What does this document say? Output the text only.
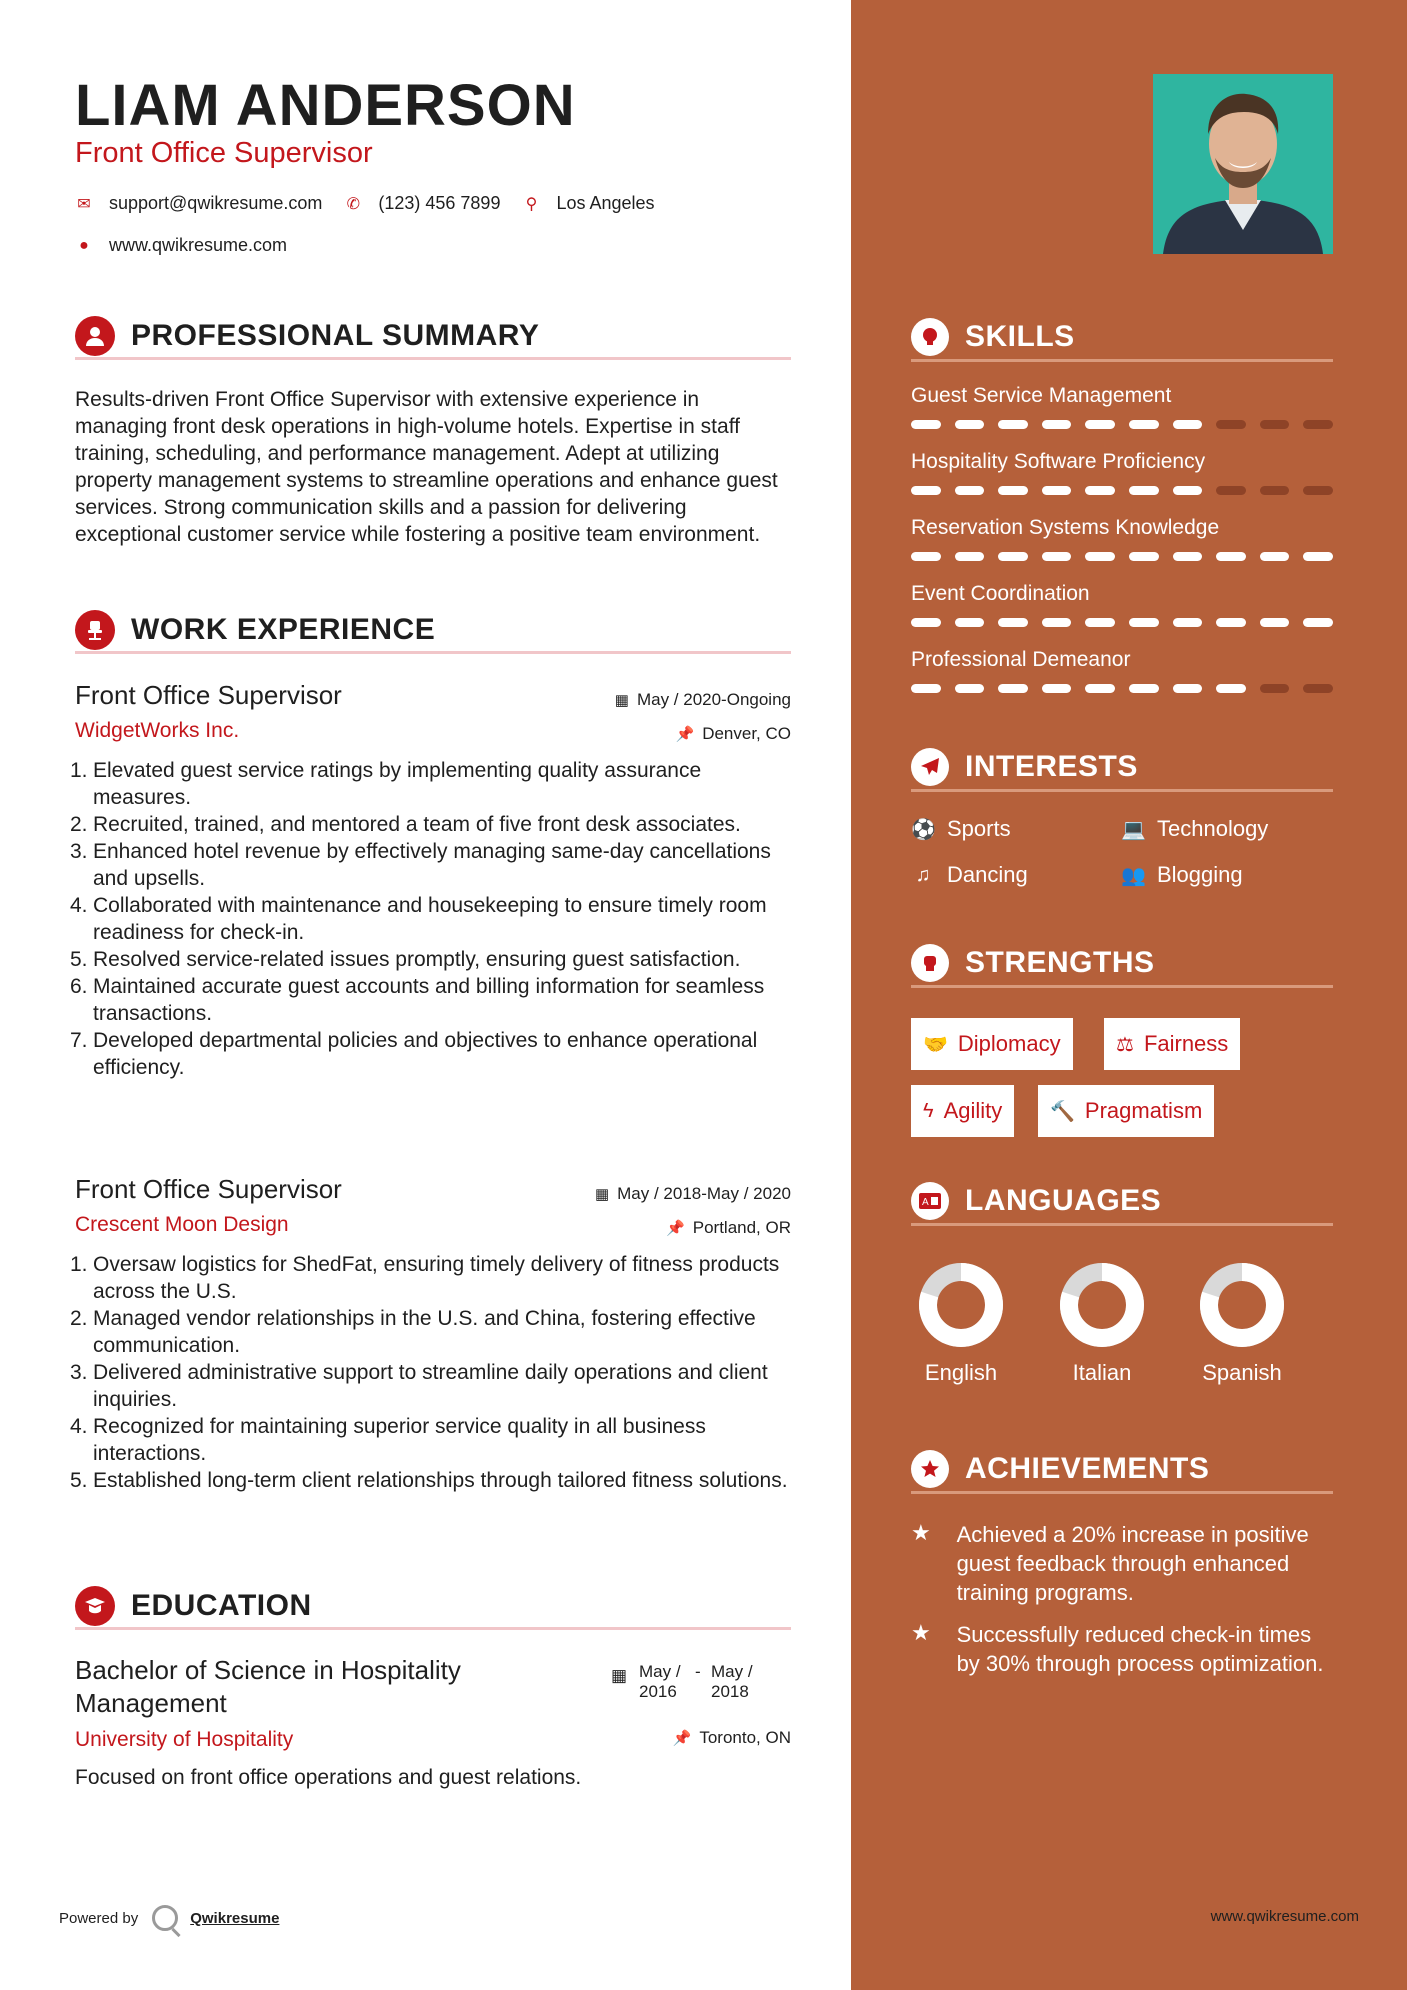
LIAM ANDERSON
Front Office Supervisor
✉ support@qwikresume.com ✆ (123) 456 7899 ⚲ Los Angeles
● www.qwikresume.com
PROFESSIONAL SUMMARY
Results-driven Front Office Supervisor with extensive experience in managing front desk operations in high-volume hotels. Expertise in staff training, scheduling, and performance management. Adept at utilizing property management systems to streamline operations and enhance guest services. Strong communication skills and a passion for delivering exceptional customer service while fostering a positive team environment.
WORK EXPERIENCE
Front Office Supervisor
WidgetWorks Inc.
▦ May / 2020-Ongoing
📌 Denver, CO
1. Elevated guest service ratings by implementing quality assurance measures.
2. Recruited, trained, and mentored a team of five front desk associates.
3. Enhanced hotel revenue by effectively managing same-day cancellations and upsells.
4. Collaborated with maintenance and housekeeping to ensure timely room readiness for check-in.
5. Resolved service-related issues promptly, ensuring guest satisfaction.
6. Maintained accurate guest accounts and billing information for seamless transactions.
7. Developed departmental policies and objectives to enhance operational efficiency.
Front Office Supervisor
Crescent Moon Design
▦ May / 2018-May / 2020
📌 Portland, OR
1. Oversaw logistics for ShedFat, ensuring timely delivery of fitness products across the U.S.
2. Managed vendor relationships in the U.S. and China, fostering effective communication.
3. Delivered administrative support to streamline daily operations and client inquiries.
4. Recognized for maintaining superior service quality in all business interactions.
5. Established long-term client relationships through tailored fitness solutions.
EDUCATION
Bachelor of Science in Hospitality Management
▦ May / 2016
- May / 2018
University of Hospitality	📌 Toronto, ON
Focused on front office operations and guest relations.
Powered by	Qwikresume
SKILLS
Guest Service Management
Hospitality Software Proficiency
Reservation Systems Knowledge
Event Coordination
Professional Demeanor
INTERESTS
⚽ Sports	💻 Technology
♫ Dancing	👥 Blogging
STRENGTHS
🤝 Diplomacy	⚖ Fairness
ϟ Agility 🔨 Pragmatism
A LANGUAGES
English	Italian	Spanish
ACHIEVEMENTS
★	Achieved a 20% increase in positive guest feedback through enhanced training programs.
★	Successfully reduced check-in times by 30% through process optimization.
www.qwikresume.com
